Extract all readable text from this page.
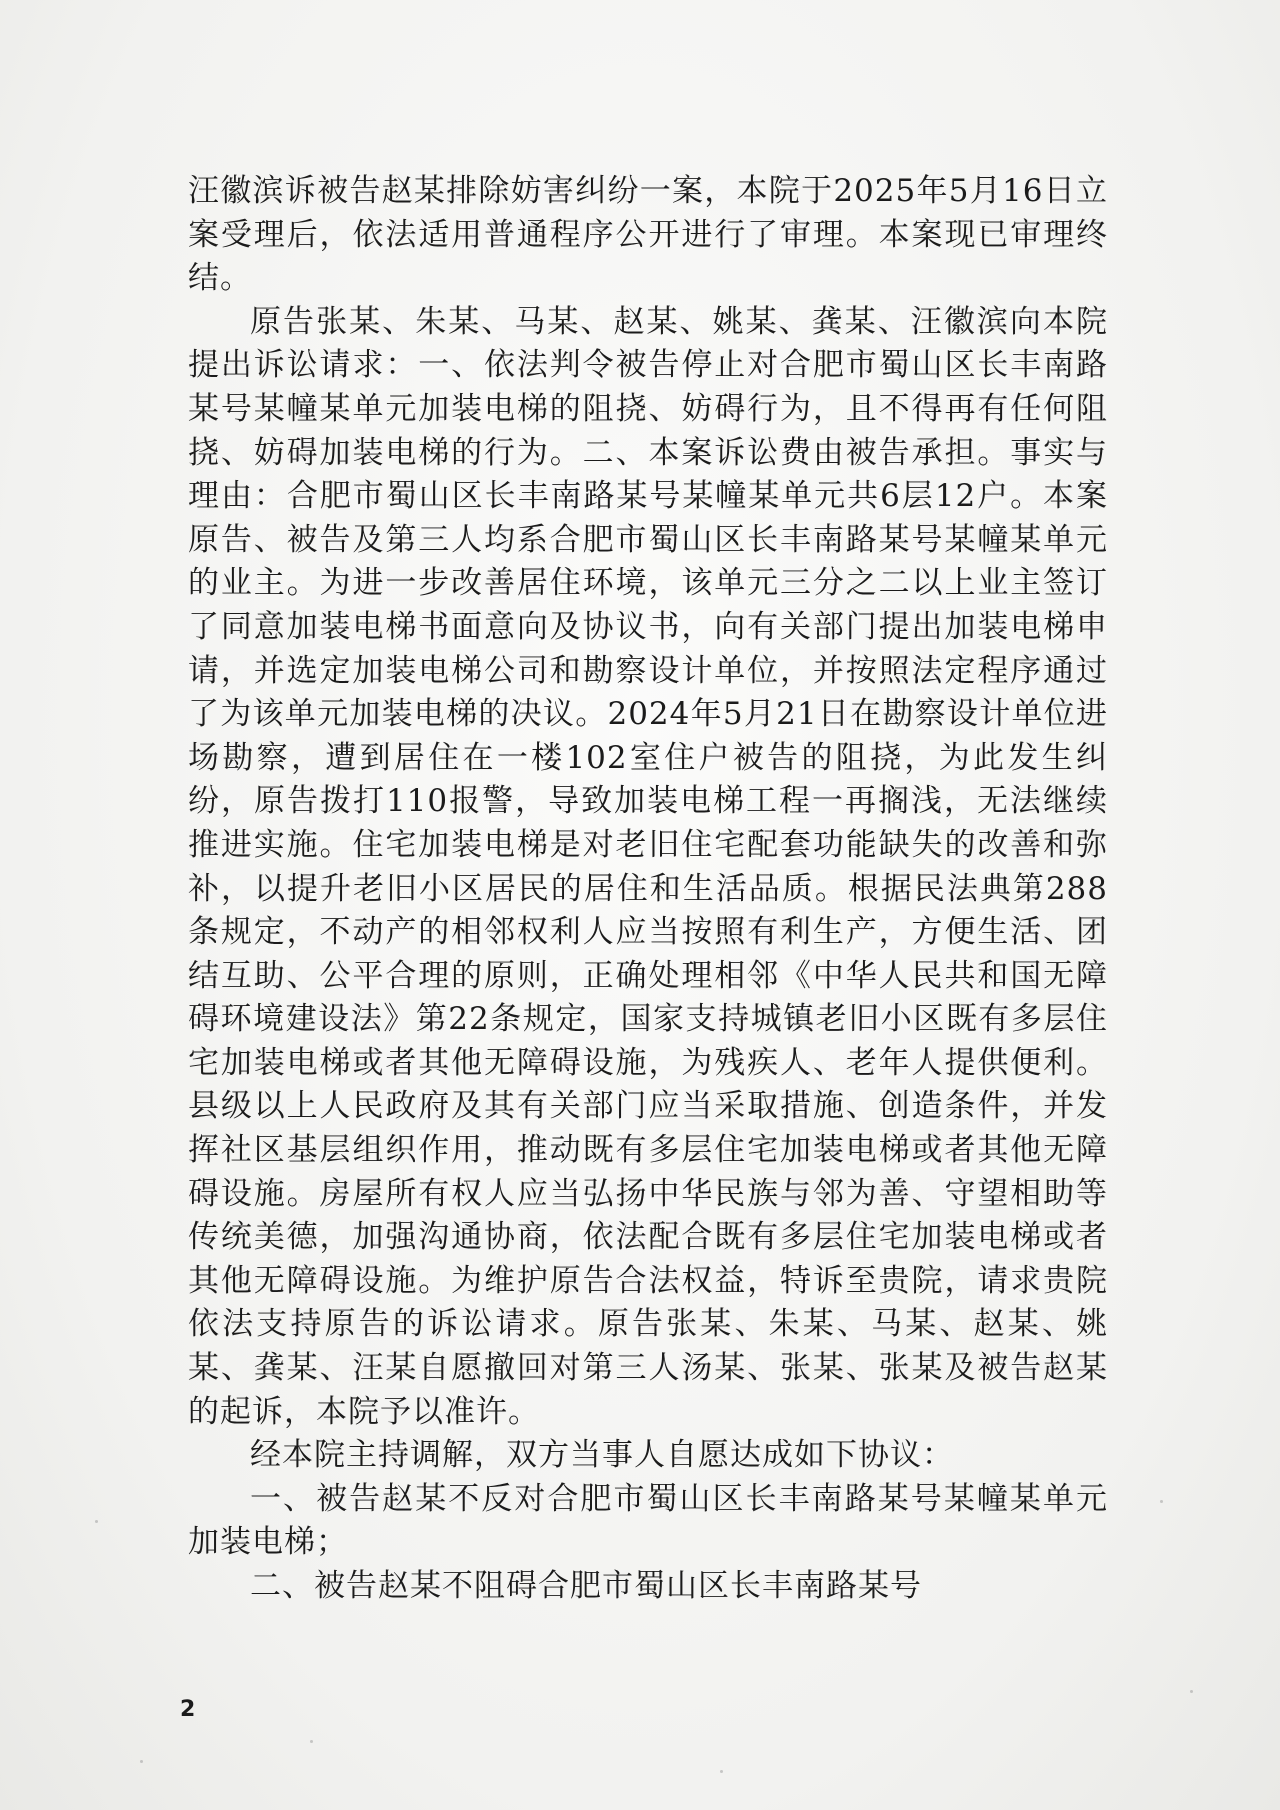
汪徽滨诉被告赵某排除妨害纠纷一案，本院于2025年5月16日立案受理后，依法适用普通程序公开进行了审理。本案现已审理终结。

原告张某、朱某、马某、赵某、姚某、龚某、汪徽滨向本院提出诉讼请求：一、依法判令被告停止对合肥市蜀山区长丰南路某号某幢某单元加装电梯的阻挠、妨碍行为，且不得再有任何阻挠、妨碍加装电梯的行为。二、本案诉讼费由被告承担。事实与理由：合肥市蜀山区长丰南路某号某幢某单元共6层12户。本案原告、被告及第三人均系合肥市蜀山区长丰南路某号某幢某单元的业主。为进一步改善居住环境，该单元三分之二以上业主签订了同意加装电梯书面意向及协议书，向有关部门提出加装电梯申请，并选定加装电梯公司和勘察设计单位，并按照法定程序通过了为该单元加装电梯的决议。2024年5月21日在勘察设计单位进场勘察，遭到居住在一楼102室住户被告的阻挠，为此发生纠纷，原告拨打110报警，导致加装电梯工程一再搁浅，无法继续推进实施。住宅加装电梯是对老旧住宅配套功能缺失的改善和弥补，以提升老旧小区居民的居住和生活品质。根据民法典第288条规定，不动产的相邻权利人应当按照有利生产，方便生活、团结互助、公平合理的原则，正确处理相邻《中华人民共和国无障碍环境建设法》第22条规定，国家支持城镇老旧小区既有多层住宅加装电梯或者其他无障碍设施，为残疾人、老年人提供便利。县级以上人民政府及其有关部门应当采取措施、创造条件，并发挥社区基层组织作用，推动既有多层住宅加装电梯或者其他无障碍设施。房屋所有权人应当弘扬中华民族与邻为善、守望相助等传统美德，加强沟通协商，依法配合既有多层住宅加装电梯或者其他无障碍设施。为维护原告合法权益，特诉至贵院，请求贵院依法支持原告的诉讼请求。原告张某、朱某、马某、赵某、姚某、龚某、汪某自愿撤回对第三人汤某、张某、张某及被告赵某的起诉，本院予以准许。

经本院主持调解，双方当事人自愿达成如下协议：

一、被告赵某不反对合肥市蜀山区长丰南路某号某幢某单元加装电梯；

二、被告赵某不阻碍合肥市蜀山区长丰南路某号

2
